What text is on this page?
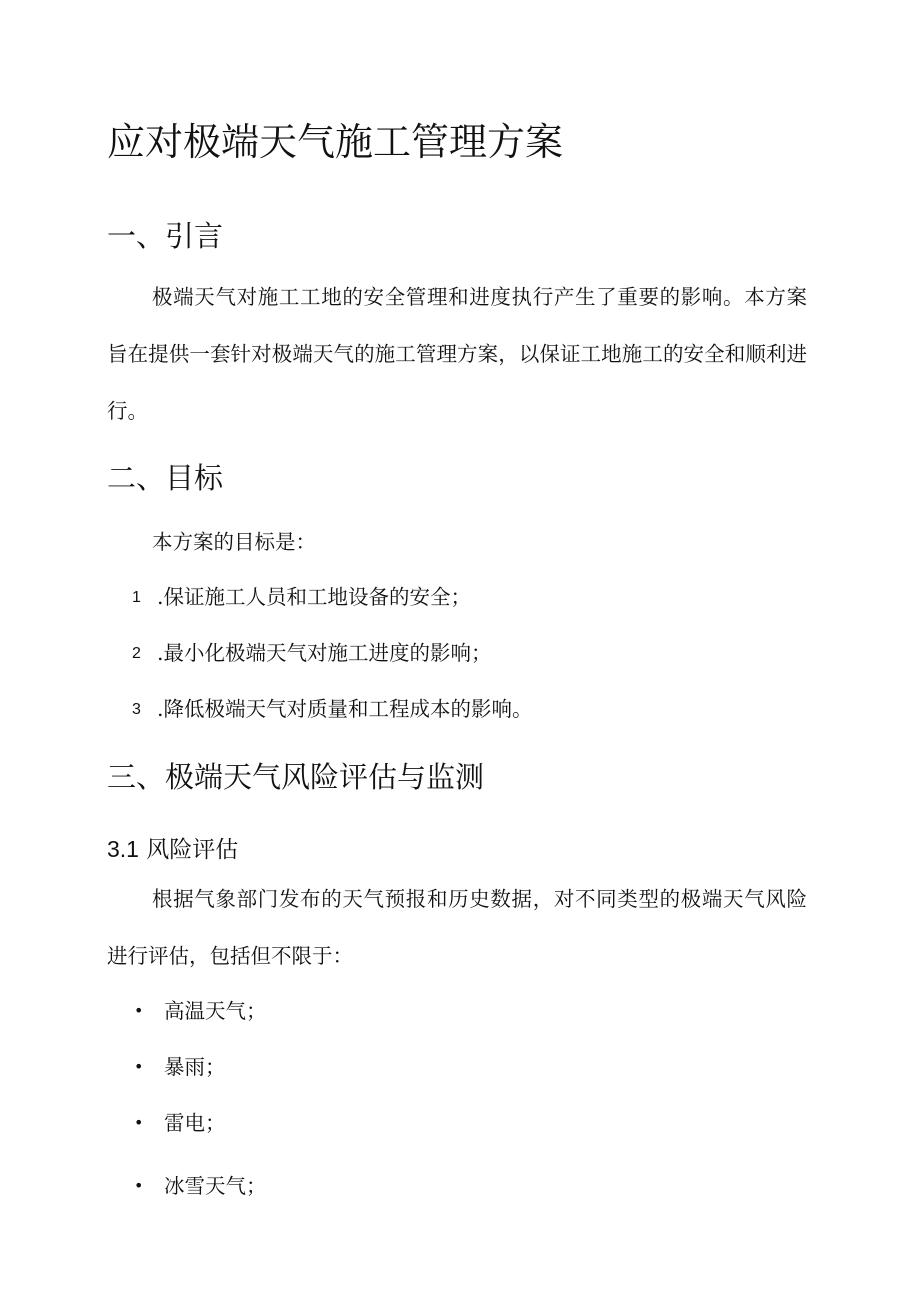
应对极端天气施工管理方案
一、引言

极端天气对施工工地的安全管理和进度执行产生了重要的影响。本方案旨在提供一套针对极端天气的施工管理方案，以保证工地施工的安全和顺利进行。

二、目标

本方案的目标是：

1 .保证施工人员和工地设备的安全；
2 .最小化极端天气对施工进度的影响；
3 .降低极端天气对质量和工程成本的影响。
三、极端天气风险评估与监测
3.1 风险评估

根据气象部门发布的天气预报和历史数据，对不同类型的极端天气风险进行评估，包括但不限于：

• 高温天气；
• 暴雨；
• 雷电；
• 冰雪天气；
